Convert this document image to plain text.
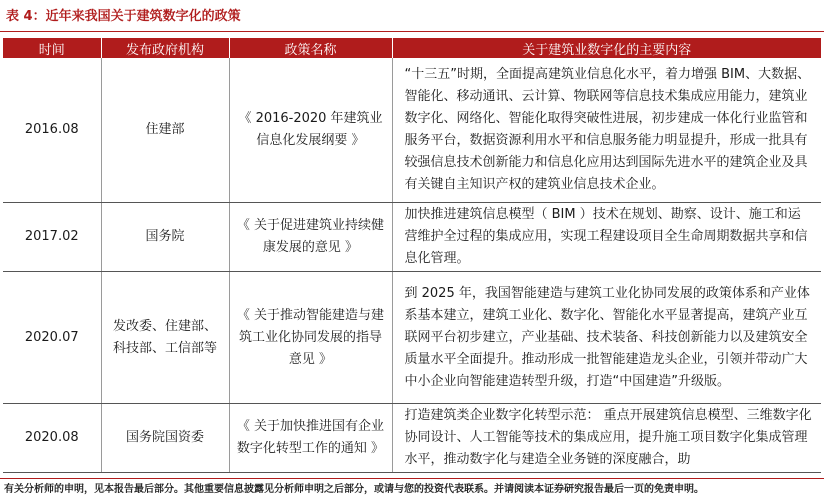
表 4：近年来我国关于建筑数字化的政策
时间	发布政府机构	政策名称	关于建筑业数字化的主要内容
2016.08	住建部	《 2016-2020 年建筑业信息化发展纲要 》	“十三五”时期，全面提高建筑业信息化水平，着力增强 BIM、大数据、智能化、移动通讯、云计算、物联网等信息技术集成应用能力，建筑业数字化、网络化、智能化取得突破性进展，初步建成一体化行业监管和服务平台，数据资源利用水平和信息服务能力明显提升，形成一批具有较强信息技术创新能力和信息化应用达到国际先进水平的建筑企业及具有关键自主知识产权的建筑业信息技术企业。
2017.02	国务院	《 关于促进建筑业持续健康发展的意见 》	加快推进建筑信息模型（ BIM ）技术在规划、勘察、设计、施工和运营维护全过程的集成应用，实现工程建设项目全生命周期数据共享和信息化管理。
2020.07	发改委、住建部、科技部、工信部等	《 关于推动智能建造与建筑工业化协同发展的指导意见 》	到 2025 年，我国智能建造与建筑工业化协同发展的政策体系和产业体系基本建立，建筑工业化、数字化、智能化水平显著提高，建筑产业互联网平台初步建立，产业基础、技术装备、科技创新能力以及建筑安全质量水平全面提升。推动形成一批智能建造龙头企业，引领并带动广大中小企业向智能建造转型升级，打造“中国建造”升级版。
2020.08	国务院国资委	《 关于加快推进国有企业数字化转型工作的通知 》	打造建筑类企业数字化转型示范： 重点开展建筑信息模型、三维数字化协同设计、人工智能等技术的集成应用，提升施工项目数字化集成管理水平，推动数字化与建造全业务链的深度融合，助
有关分析师的申明，见本报告最后部分。其他重要信息披露见分析师申明之后部分，或请与您的投资代表联系。并请阅读本证券研究报告最后一页的免责申明。
